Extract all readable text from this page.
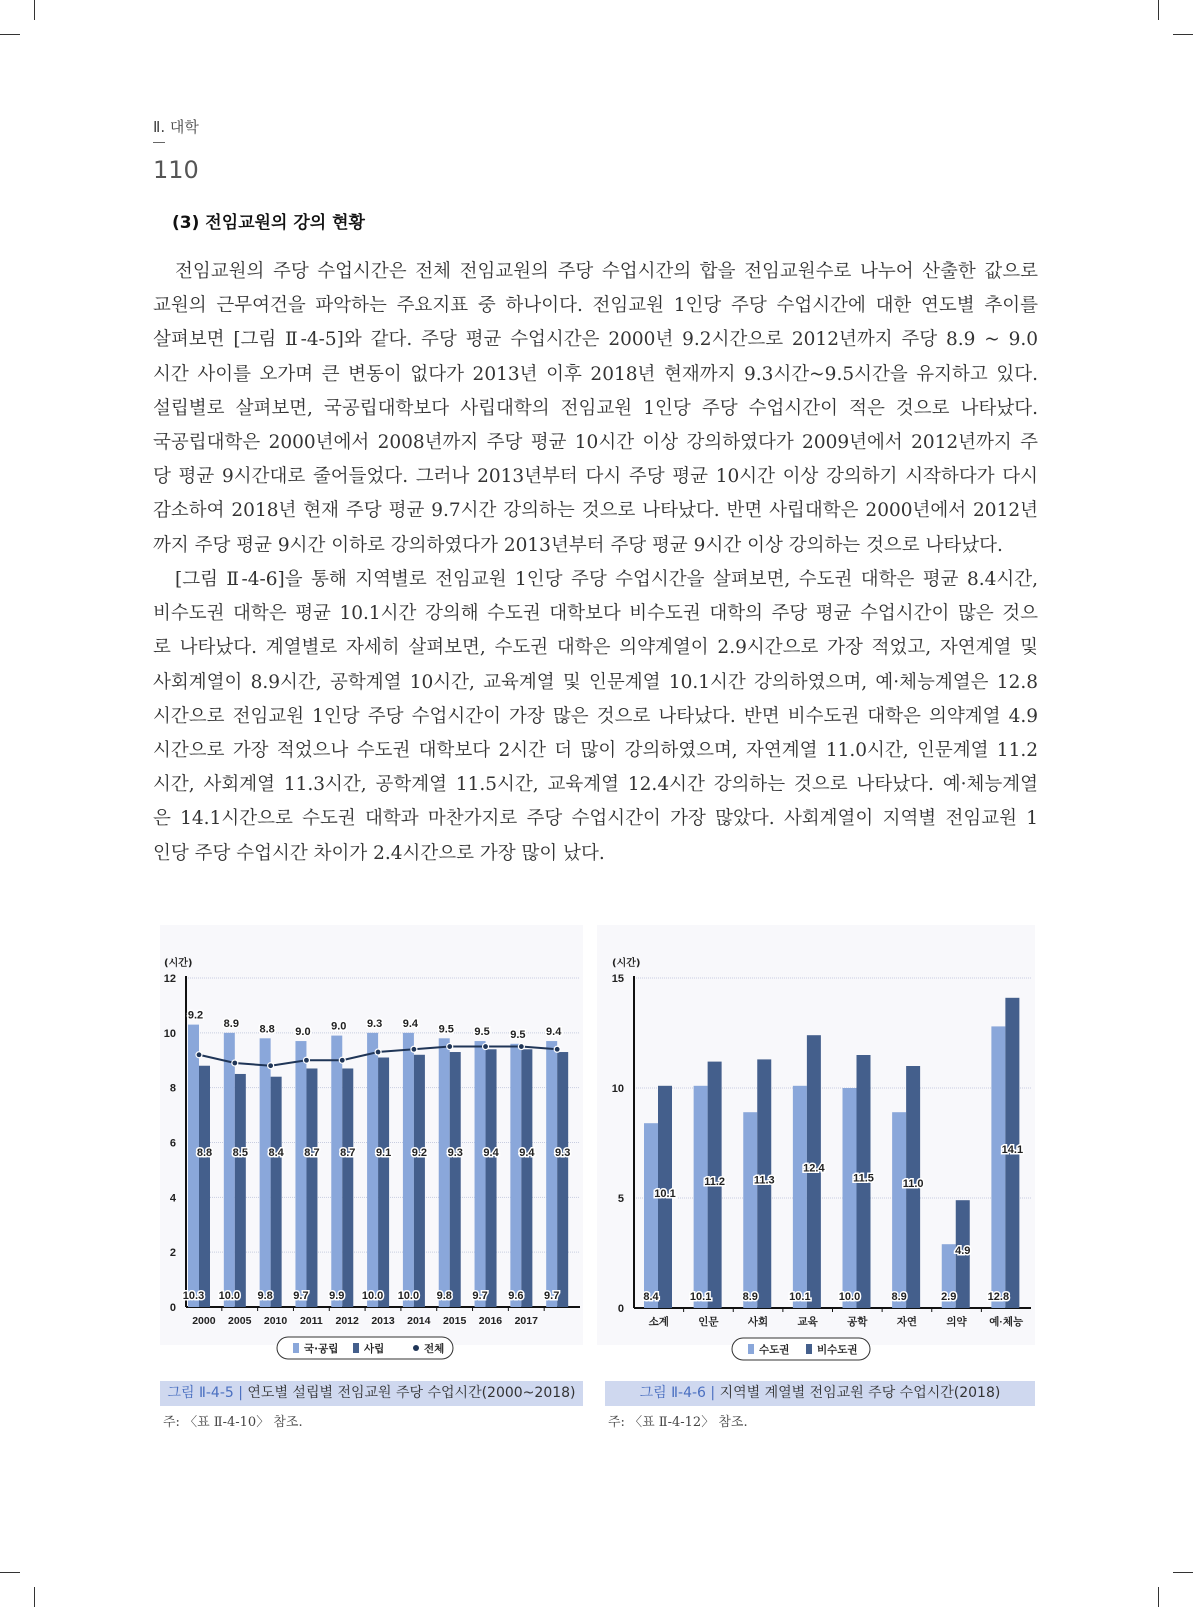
Ⅱ. 대학
110
(3) 전임교원의 강의 현황
전임교원의 주당 수업시간은 전체 전임교원의 주당 수업시간의 합을 전임교원수로 나누어 산출한 값으로
교원의 근무여건을 파악하는 주요지표 중 하나이다. 전임교원 1인당 주당 수업시간에 대한 연도별 추이를
살펴보면 [그림 Ⅱ-4-5]와 같다. 주당 평균 수업시간은 2000년 9.2시간으로 2012년까지 주당 8.9 ~ 9.0
시간 사이를 오가며 큰 변동이 없다가 2013년 이후 2018년 현재까지 9.3시간~9.5시간을 유지하고 있다.
설립별로 살펴보면, 국공립대학보다 사립대학의 전임교원 1인당 주당 수업시간이 적은 것으로 나타났다.
국공립대학은 2000년에서 2008년까지 주당 평균 10시간 이상 강의하였다가 2009년에서 2012년까지 주
당 평균 9시간대로 줄어들었다. 그러나 2013년부터 다시 주당 평균 10시간 이상 강의하기 시작하다가 다시
감소하여 2018년 현재 주당 평균 9.7시간 강의하는 것으로 나타났다. 반면 사립대학은 2000년에서 2012년
까지 주당 평균 9시간 이하로 강의하였다가 2013년부터 주당 평균 9시간 이상 강의하는 것으로 나타났다.
[그림 Ⅱ-4-6]을 통해 지역별로 전임교원 1인당 주당 수업시간을 살펴보면, 수도권 대학은 평균 8.4시간,
비수도권 대학은 평균 10.1시간 강의해 수도권 대학보다 비수도권 대학의 주당 평균 수업시간이 많은 것으
로 나타났다. 계열별로 자세히 살펴보면, 수도권 대학은 의약계열이 2.9시간으로 가장 적었고, 자연계열 및
사회계열이 8.9시간, 공학계열 10시간, 교육계열 및 인문계열 10.1시간 강의하였으며, 예·체능계열은 12.8
시간으로 전임교원 1인당 주당 수업시간이 가장 많은 것으로 나타났다. 반면 비수도권 대학은 의약계열 4.9
시간으로 가장 적었으나 수도권 대학보다 2시간 더 많이 강의하였으며, 자연계열 11.0시간, 인문계열 11.2
시간, 사회계열 11.3시간, 공학계열 11.5시간, 교육계열 12.4시간 강의하는 것으로 나타났다. 예·체능계열
은 14.1시간으로 수도권 대학과 마찬가지로 주당 수업시간이 가장 많았다. 사회계열이 지역별 전임교원 1
인당 주당 수업시간 차이가 2.4시간으로 가장 많이 났다.
0
2
4
6
8
10
12
(시간)
10.3
8.8
2000
9.2
10.0
8.5
2005
8.9
9.8
8.4
2010
8.8
9.7
8.7
2011
9.0
9.9
8.7
2012
9.0
10.0
9.1
2013
9.3
10.0
9.2
2014
9.4
9.8
9.3
2015
9.5
9.7
9.4
2016
9.5
9.6
9.4
2017
9.5
9.7
9.3
9.4
국·공립 사립	전체
0
5
10
15
(시간)
8.4
10.1
소계
10.1
11.2
인문
8.9
11.3
사회
10.1
12.4
교육
10.0
11.5
공학
8.9
11.0
자연
2.9
4.9
의약
12.8
14.1
예·체능
수도권	비수도권
그림 Ⅱ-4-5 | 연도별 설립별 전임교원 주당 수업시간(2000~2018)	그림 Ⅱ-4-6 | 지역별 계열별 전임교원 주당 수업시간(2018)
주: 〈표 Ⅱ-4-10〉 참조.	주: 〈표 Ⅱ-4-12〉 참조.
